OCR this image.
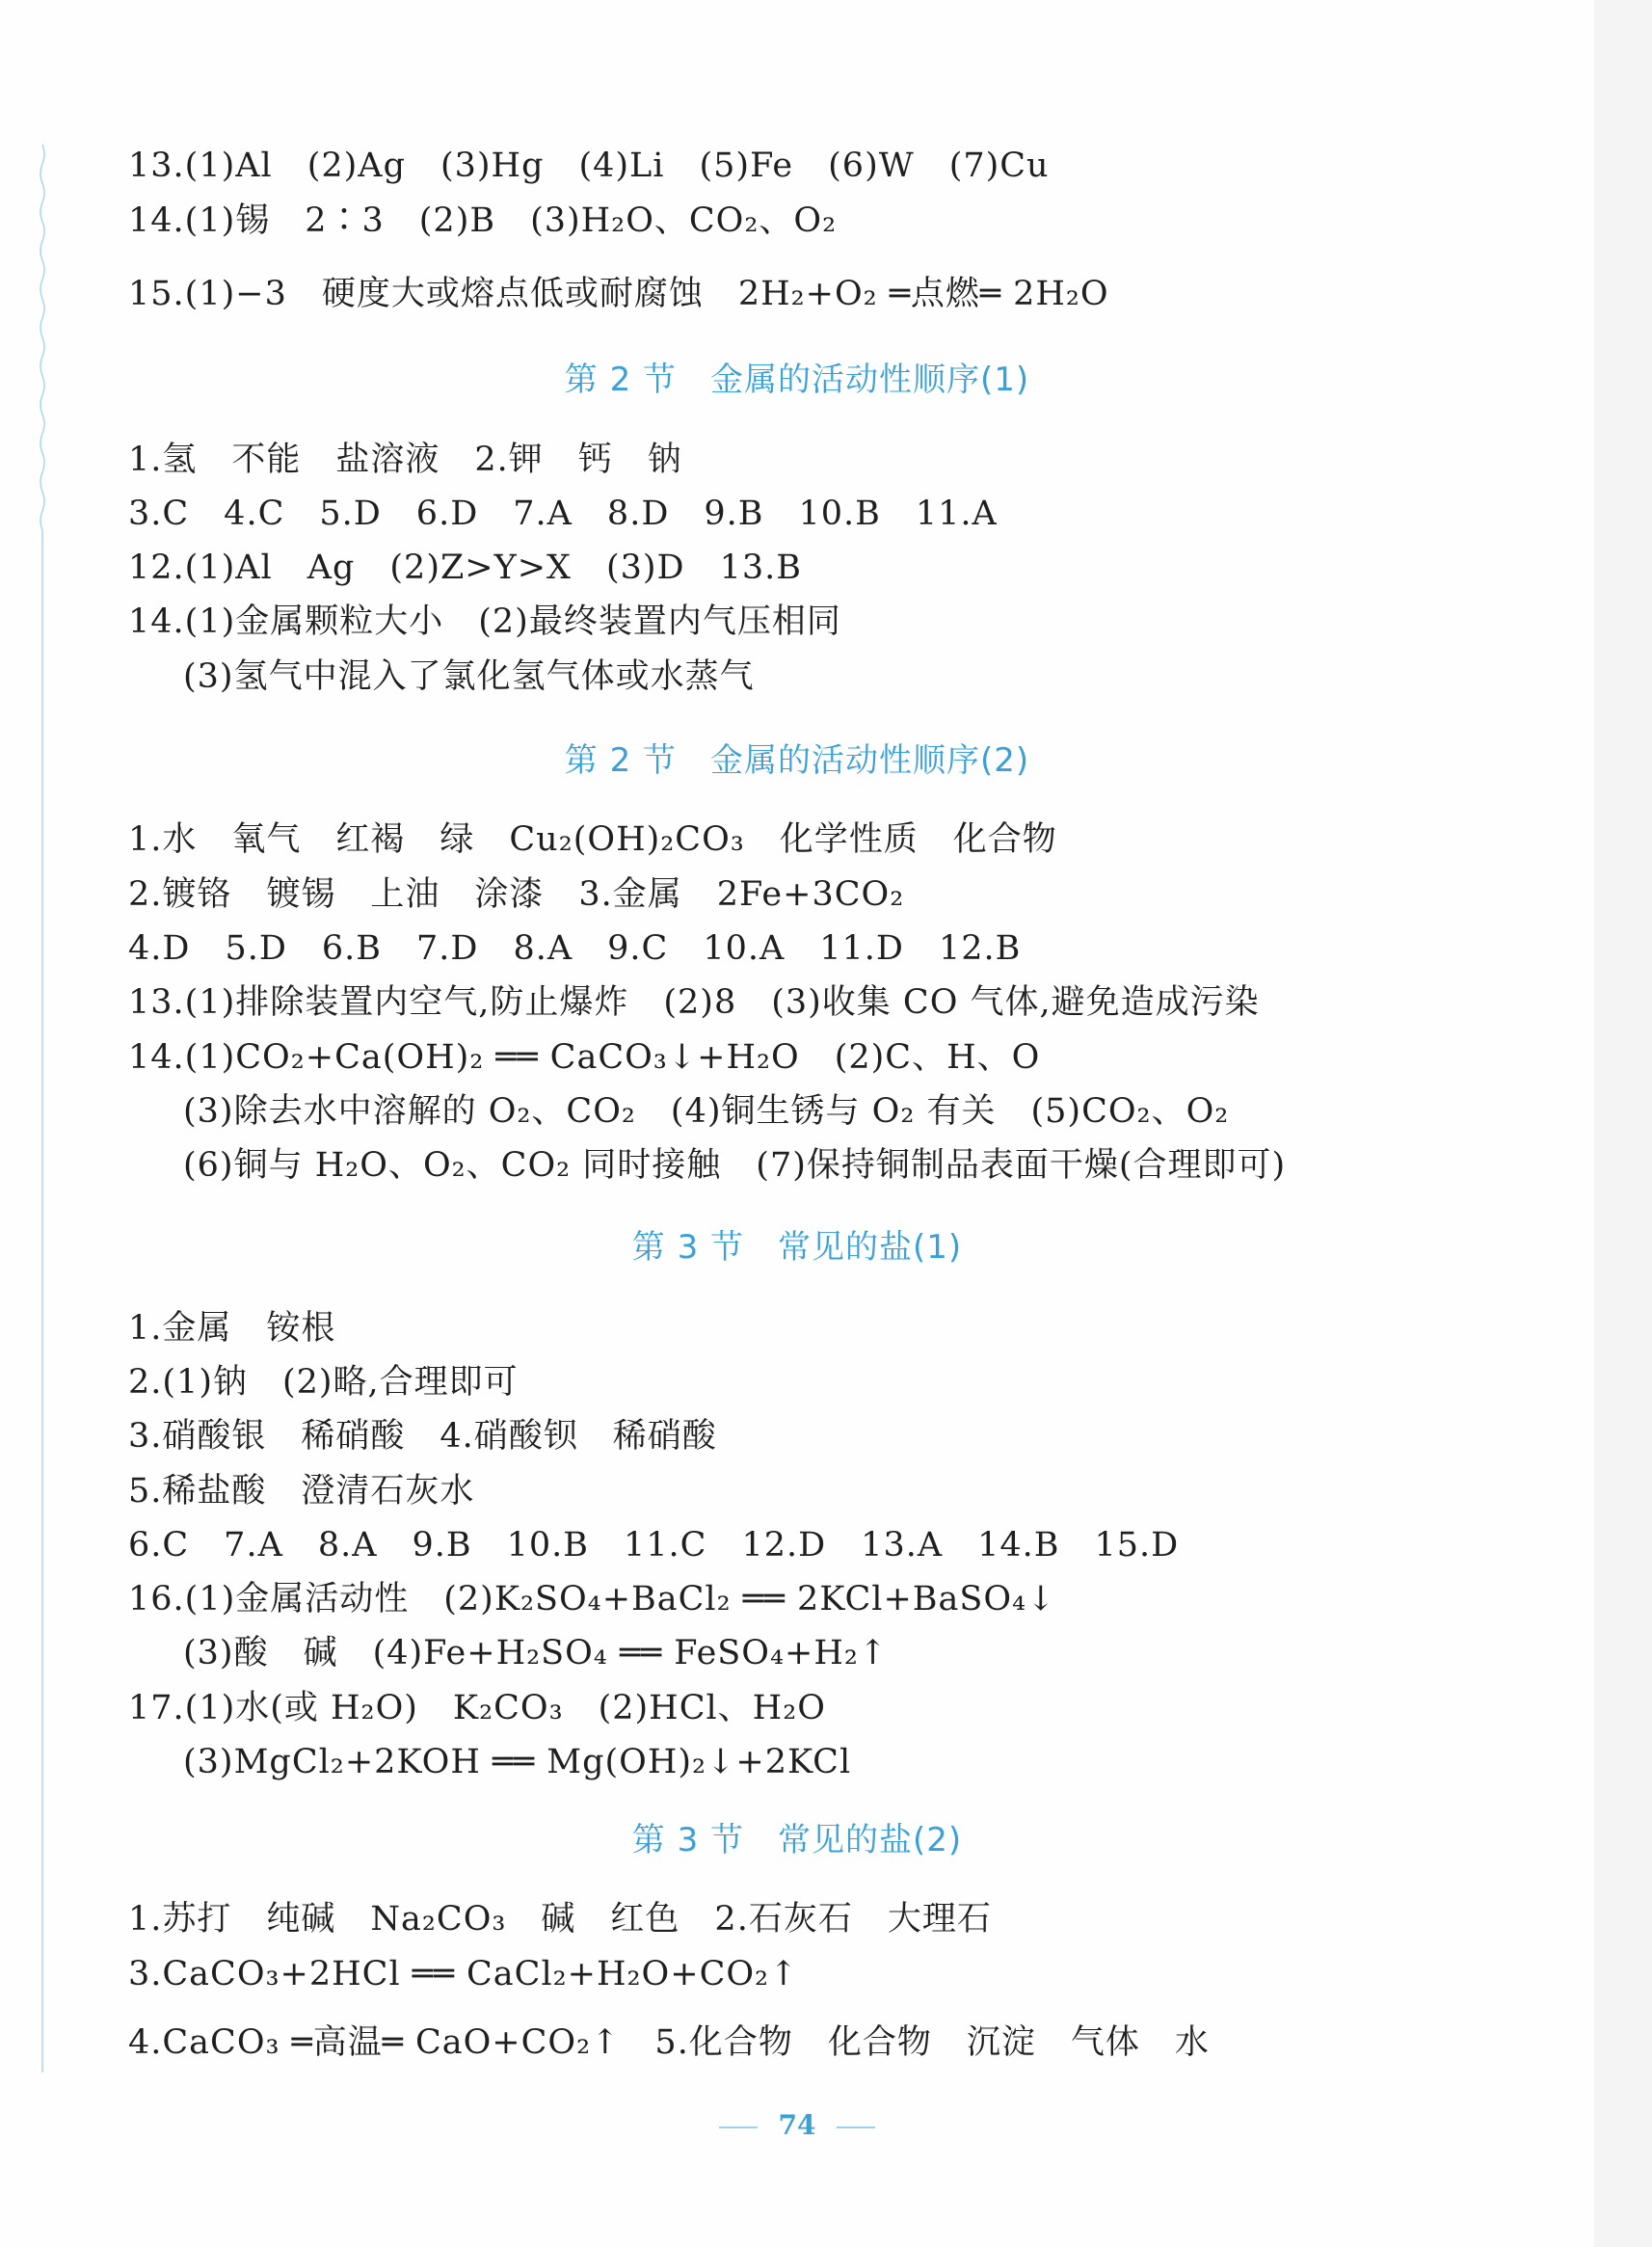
13.(1)Al　(2)Ag　(3)Hg　(4)Li　(5)Fe　(6)W　(7)Cu
14.(1)锡　2∶3　(2)B　(3)H₂O、CO₂、O₂
15.(1)−3　硬度大或熔点低或耐腐蚀　2H₂+O₂ ═点燃═ 2H₂O
第 2 节　金属的活动性顺序(1)
1.氢　不能　盐溶液　2.钾　钙　钠
3.C　4.C　5.D　6.D　7.A　8.D　9.B　10.B　11.A
12.(1)Al　Ag　(2)Z>Y>X　(3)D　13.B
14.(1)金属颗粒大小　(2)最终装置内气压相同
(3)氢气中混入了氯化氢气体或水蒸气
第 2 节　金属的活动性顺序(2)
1.水　氧气　红褐　绿　Cu₂(OH)₂CO₃　化学性质　化合物
2.镀铬　镀锡　上油　涂漆　3.金属　2Fe+3CO₂
4.D　5.D　6.B　7.D　8.A　9.C　10.A　11.D　12.B
13.(1)排除装置内空气,防止爆炸　(2)8　(3)收集 CO 气体,避免造成污染
14.(1)CO₂+Ca(OH)₂ ══ CaCO₃↓+H₂O　(2)C、H、O
(3)除去水中溶解的 O₂、CO₂　(4)铜生锈与 O₂ 有关　(5)CO₂、O₂
(6)铜与 H₂O、O₂、CO₂ 同时接触　(7)保持铜制品表面干燥(合理即可)
第 3 节　常见的盐(1)
1.金属　铵根
2.(1)钠　(2)略,合理即可
3.硝酸银　稀硝酸　4.硝酸钡　稀硝酸
5.稀盐酸　澄清石灰水
6.C　7.A　8.A　9.B　10.B　11.C　12.D　13.A　14.B　15.D
16.(1)金属活动性　(2)K₂SO₄+BaCl₂ ══ 2KCl+BaSO₄↓
(3)酸　碱　(4)Fe+H₂SO₄ ══ FeSO₄+H₂↑
17.(1)水(或 H₂O)　K₂CO₃　(2)HCl、H₂O
(3)MgCl₂+2KOH ══ Mg(OH)₂↓+2KCl
第 3 节　常见的盐(2)
1.苏打　纯碱　Na₂CO₃　碱　红色　2.石灰石　大理石
3.CaCO₃+2HCl ══ CaCl₂+H₂O+CO₂↑
4.CaCO₃ ═高温═ CaO+CO₂↑　5.化合物　化合物　沉淀　气体　水
74
